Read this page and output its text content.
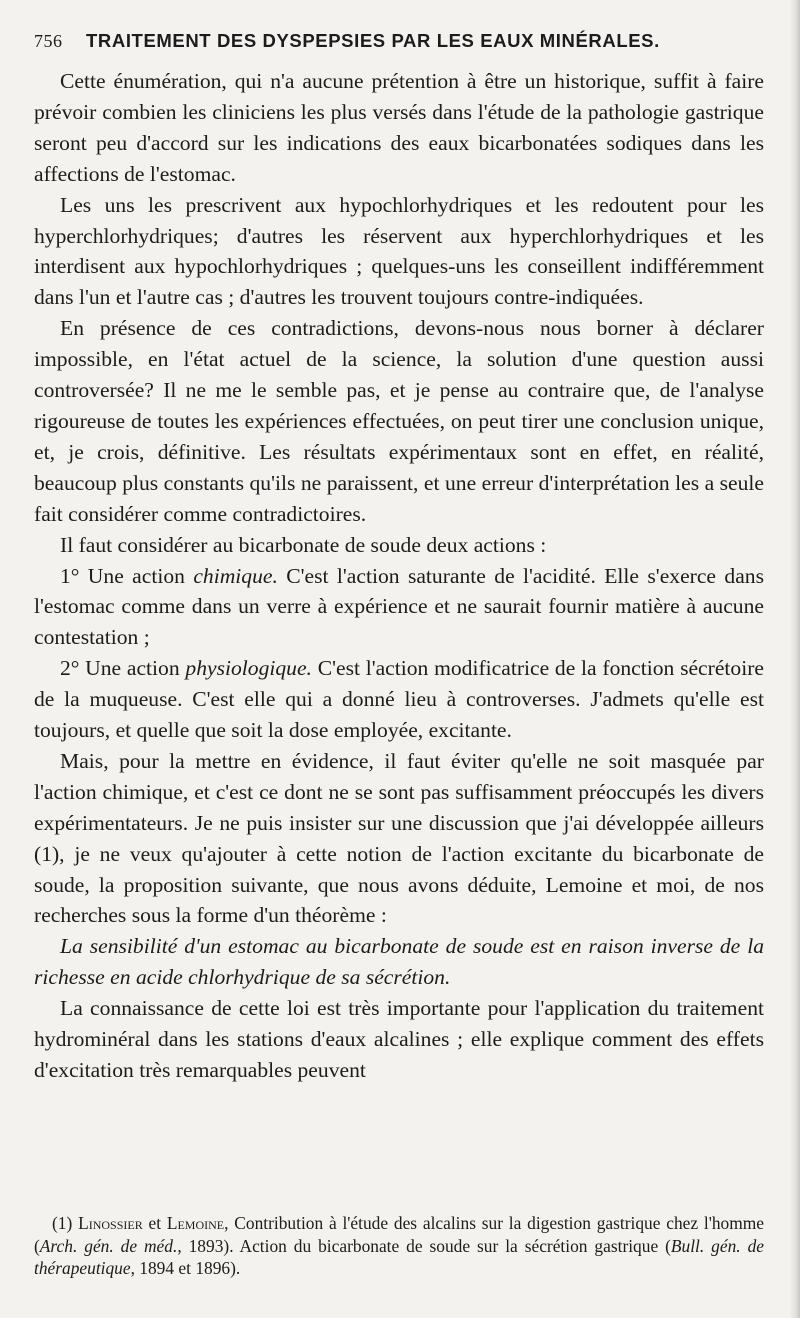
756	TRAITEMENT DES DYSPEPSIES PAR LES EAUX MINÉRALES.

Cette énumération, qui n'a aucune prétention à être un historique, suffit à faire prévoir combien les cliniciens les plus versés dans l'étude de la pathologie gastrique seront peu d'accord sur les indications des eaux bicarbonatées sodiques dans les affections de l'estomac.

Les uns les prescrivent aux hypochlorhydriques et les redoutent pour les hyperchlorhydriques; d'autres les réservent aux hyperchlorhydriques et les interdisent aux hypochlorhydriques ; quelques-uns les conseillent indifféremment dans l'un et l'autre cas ; d'autres les trouvent toujours contre-indiquées.

En présence de ces contradictions, devons-nous nous borner à déclarer impossible, en l'état actuel de la science, la solution d'une question aussi controversée? Il ne me le semble pas, et je pense au contraire que, de l'analyse rigoureuse de toutes les expériences effectuées, on peut tirer une conclusion unique, et, je crois, définitive. Les résultats expérimentaux sont en effet, en réalité, beaucoup plus constants qu'ils ne paraissent, et une erreur d'interprétation les a seule fait considérer comme contradictoires.

Il faut considérer au bicarbonate de soude deux actions :

1° Une action chimique. C'est l'action saturante de l'acidité. Elle s'exerce dans l'estomac comme dans un verre à expérience et ne saurait fournir matière à aucune contestation ;

2° Une action physiologique. C'est l'action modificatrice de la fonction sécrétoire de la muqueuse. C'est elle qui a donné lieu à controverses. J'admets qu'elle est toujours, et quelle que soit la dose employée, excitante.

Mais, pour la mettre en évidence, il faut éviter qu'elle ne soit masquée par l'action chimique, et c'est ce dont ne se sont pas suffisamment préoccupés les divers expérimentateurs. Je ne puis insister sur une discussion que j'ai développée ailleurs (1), je ne veux qu'ajouter à cette notion de l'action excitante du bicarbonate de soude, la proposition suivante, que nous avons déduite, Lemoine et moi, de nos recherches sous la forme d'un théorème :

La sensibilité d'un estomac au bicarbonate de soude est en raison inverse de la richesse en acide chlorhydrique de sa sécrétion.

La connaissance de cette loi est très importante pour l'application du traitement hydrominéral dans les stations d'eaux alcalines ; elle explique comment des effets d'excitation très remarquables peuvent

(1) Linossier et Lemoine, Contribution à l'étude des alcalins sur la digestion gastrique chez l'homme (Arch. gén. de méd., 1893). Action du bicarbonate de soude sur la sécrétion gastrique (Bull. gén. de thérapeutique, 1894 et 1896).
